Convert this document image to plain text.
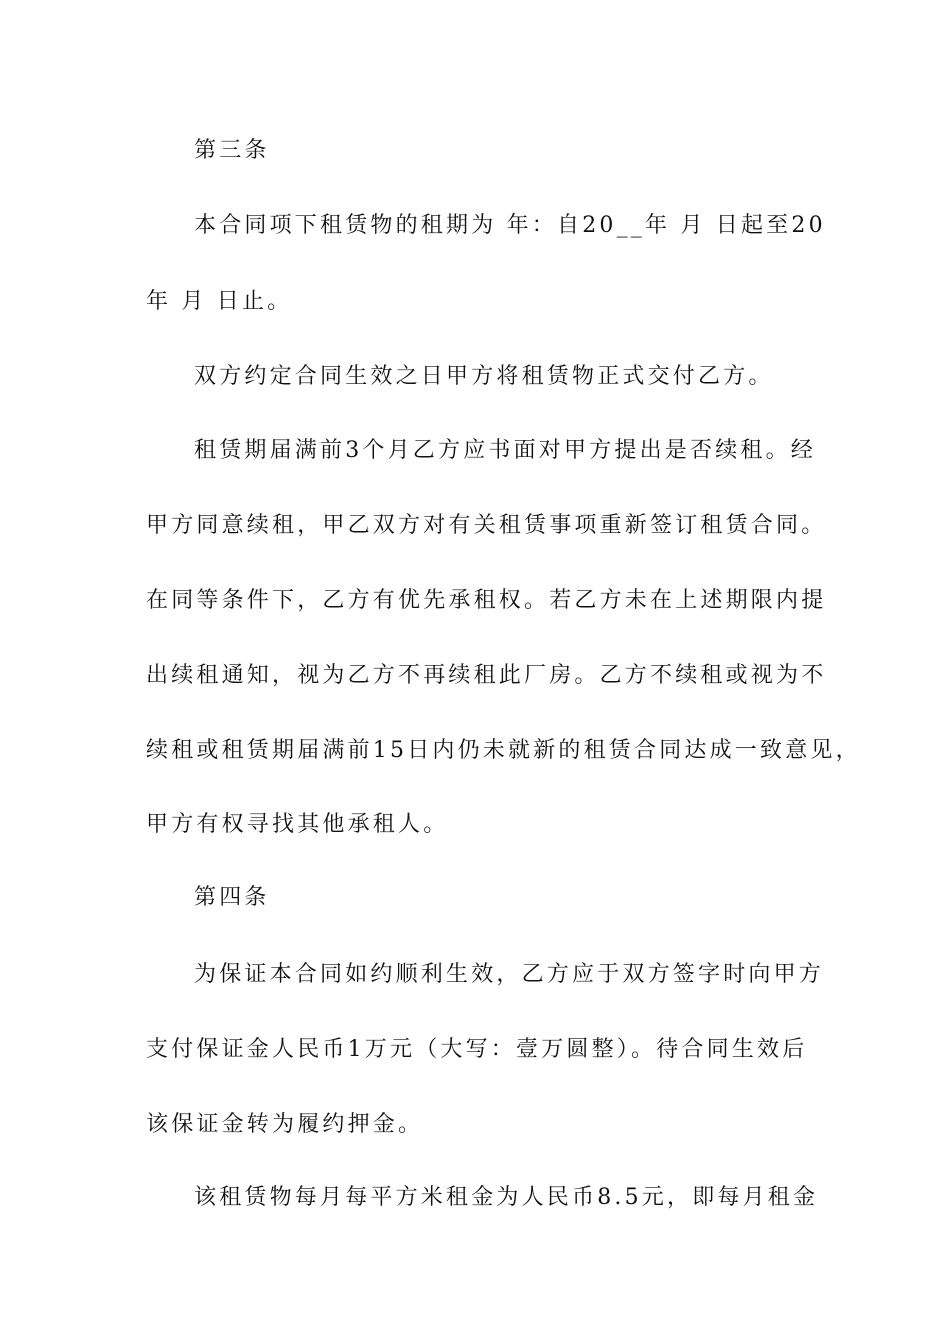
第三条
本合同项下租赁物的租期为 年：自20__年 月 日起至20
年 月 日止。
双方约定合同生效之日甲方将租赁物正式交付乙方。
租赁期届满前3个月乙方应书面对甲方提出是否续租。经
甲方同意续租，甲乙双方对有关租赁事项重新签订租赁合同。
在同等条件下，乙方有优先承租权。若乙方未在上述期限内提
出续租通知，视为乙方不再续租此厂房。乙方不续租或视为不
续租或租赁期届满前15日内仍未就新的租赁合同达成一致意见，
甲方有权寻找其他承租人。
第四条
为保证本合同如约顺利生效，乙方应于双方签字时向甲方
支付保证金人民币1万元（大写：壹万圆整）。待合同生效后
该保证金转为履约押金。
该租赁物每月每平方米租金为人民币8.5元，即每月租金
